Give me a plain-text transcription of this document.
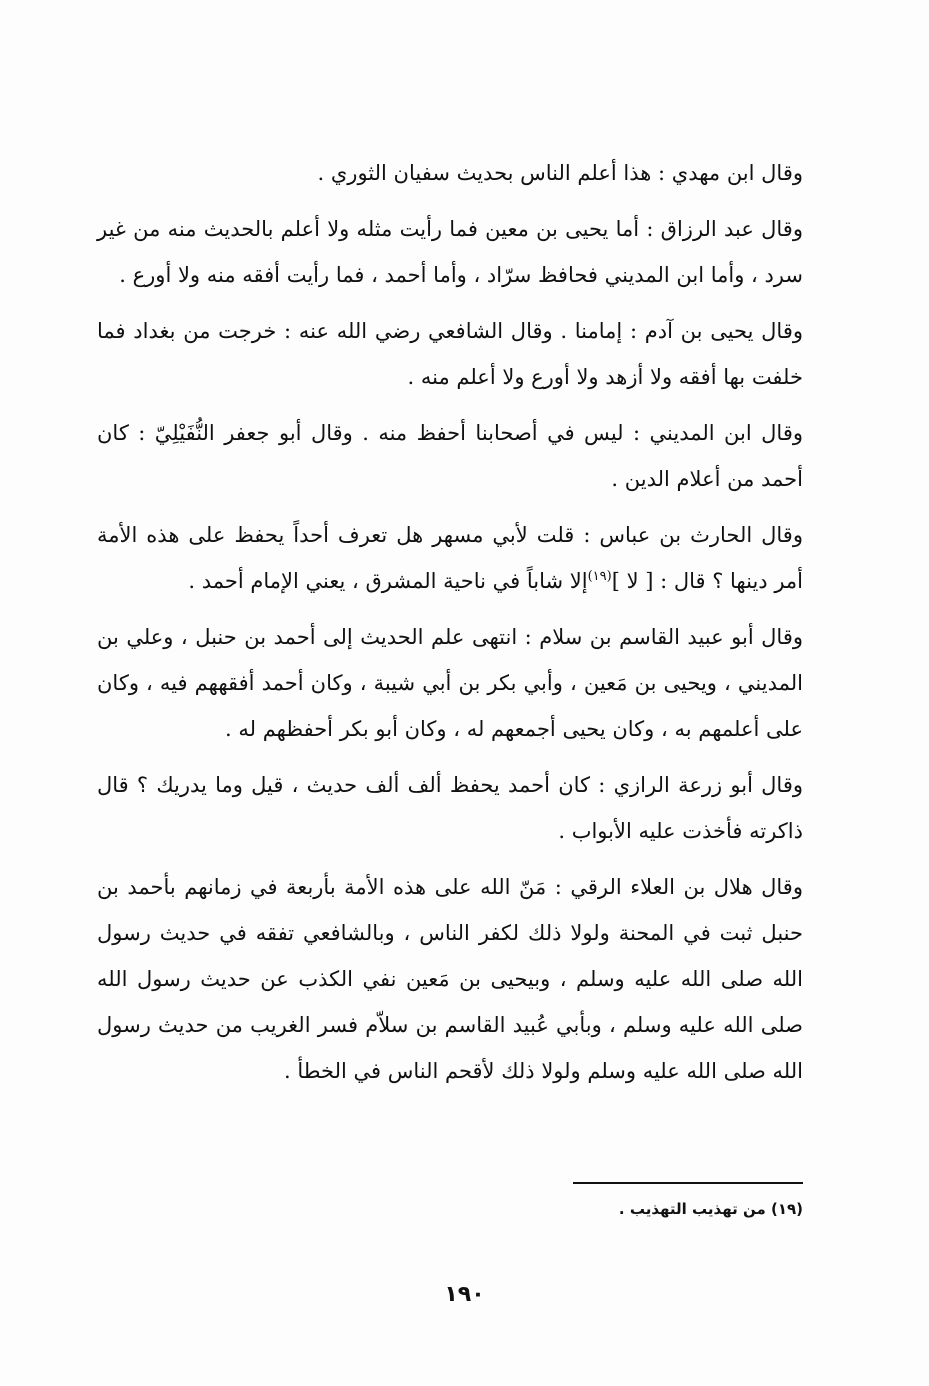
وقال ابن مهدي : هذا أعلم الناس بحديث سفيان الثوري .

وقال عبد الرزاق : أما يحيى بن معين فما رأيت مثله ولا أعلم بالحديث منه من غير سرد ، وأما ابن المديني فحافظ سرّاد ، وأما أحمد ، فما رأيت أفقه منه ولا أورع .

وقال يحيى بن آدم : إمامنا . وقال الشافعي رضي الله عنه : خرجت من بغداد فما خلفت بها أفقه ولا أزهد ولا أورع ولا أعلم منه .

وقال ابن المديني : ليس في أصحابنا أحفظ منه . وقال أبو جعفر النُّفَيْلِيّ : كان أحمد من أعلام الدين .

وقال الحارث بن عباس : قلت لأبي مسهر هل تعرف أحداً يحفظ على هذه الأمة أمر دينها ؟ قال : [ لا ]$^{(١٩)}$إلا شاباً في ناحية المشرق ، يعني الإمام أحمد .

وقال أبو عبيد القاسم بن سلام : انتهى علم الحديث إلى أحمد بن حنبل ، وعلي بن المديني ، ويحيى بن مَعين ، وأبي بكر بن أبي شيبة ، وكان أحمد أفقههم فيه ، وكان على أعلمهم به ، وكان يحيى أجمعهم له ، وكان أبو بكر أحفظهم له .

وقال أبو زرعة الرازي : كان أحمد يحفظ ألف ألف حديث ، قيل وما يدريك ؟ قال ذاكرته فأخذت عليه الأبواب .

وقال هلال بن العلاء الرقي : مَنّ الله على هذه الأمة بأربعة في زمانهم بأحمد بن حنبل ثبت في المحنة ولولا ذلك لكفر الناس ، وبالشافعي تفقه في حديث رسول الله صلى الله عليه وسلم ، وبيحيى بن مَعين نفي الكذب عن حديث رسول الله صلى الله عليه وسلم ، وبأبي عُبيد القاسم بن سلاّم فسر الغريب من حديث رسول الله صلى الله عليه وسلم ولولا ذلك لأقحم الناس في الخطأ .

(١٩) من تهذيب التهذيب .
١٩٠
